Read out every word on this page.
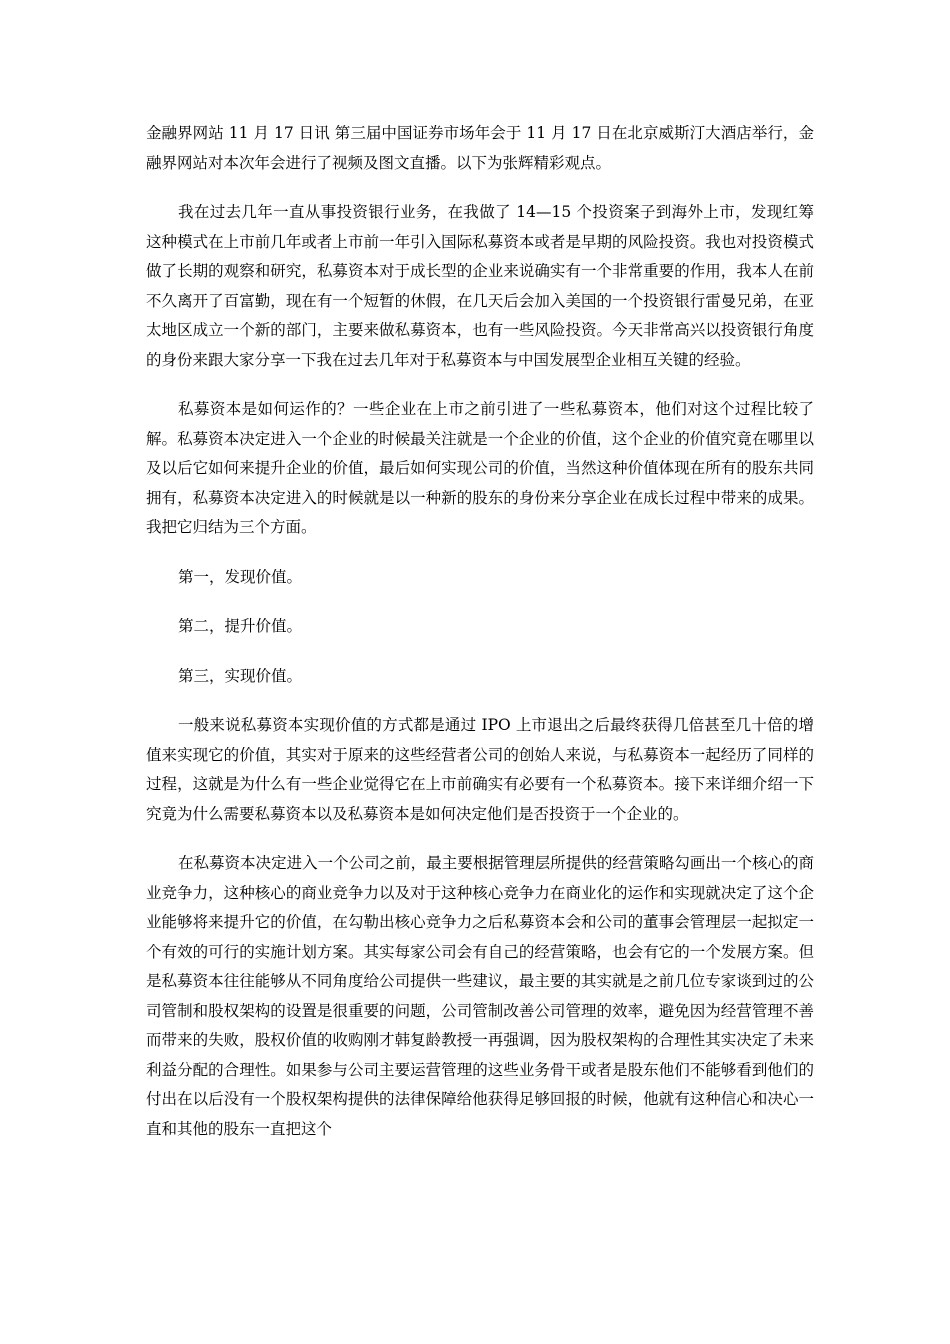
金融界网站 11 月 17 日讯 第三届中国证券市场年会于 11 月 17 日在北京威斯汀大酒店举行，金融界网站对本次年会进行了视频及图文直播。以下为张辉精彩观点。

我在过去几年一直从事投资银行业务，在我做了 14—15 个投资案子到海外上市，发现红筹这种模式在上市前几年或者上市前一年引入国际私募资本或者是早期的风险投资。我也对投资模式做了长期的观察和研究，私募资本对于成长型的企业来说确实有一个非常重要的作用，我本人在前不久离开了百富勤，现在有一个短暂的休假，在几天后会加入美国的一个投资银行雷曼兄弟，在亚太地区成立一个新的部门，主要来做私募资本，也有一些风险投资。今天非常高兴以投资银行角度的身份来跟大家分享一下我在过去几年对于私募资本与中国发展型企业相互关键的经验。

私募资本是如何运作的？一些企业在上市之前引进了一些私募资本，他们对这个过程比较了解。私募资本决定进入一个企业的时候最关注就是一个企业的价值，这个企业的价值究竟在哪里以及以后它如何来提升企业的价值，最后如何实现公司的价值，当然这种价值体现在所有的股东共同拥有，私募资本决定进入的时候就是以一种新的股东的身份来分享企业在成长过程中带来的成果。我把它归结为三个方面。

第一，发现价值。

第二，提升价值。

第三，实现价值。

一般来说私募资本实现价值的方式都是通过 IPO 上市退出之后最终获得几倍甚至几十倍的增值来实现它的价值，其实对于原来的这些经营者公司的创始人来说，与私募资本一起经历了同样的过程，这就是为什么有一些企业觉得它在上市前确实有必要有一个私募资本。接下来详细介绍一下究竟为什么需要私募资本以及私募资本是如何决定他们是否投资于一个企业的。

在私募资本决定进入一个公司之前，最主要根据管理层所提供的经营策略勾画出一个核心的商业竞争力，这种核心的商业竞争力以及对于这种核心竞争力在商业化的运作和实现就决定了这个企业能够将来提升它的价值，在勾勒出核心竞争力之后私募资本会和公司的董事会管理层一起拟定一个有效的可行的实施计划方案。其实每家公司会有自己的经营策略，也会有它的一个发展方案。但是私募资本往往能够从不同角度给公司提供一些建议，最主要的其实就是之前几位专家谈到过的公司管制和股权架构的设置是很重要的问题，公司管制改善公司管理的效率，避免因为经营管理不善而带来的失败，股权价值的收购刚才韩复龄教授一再强调，因为股权架构的合理性其实决定了未来利益分配的合理性。如果参与公司主要运营管理的这些业务骨干或者是股东他们不能够看到他们的付出在以后没有一个股权架构提供的法律保障给他获得足够回报的时候，他就有这种信心和决心一直和其他的股东一直把这个
